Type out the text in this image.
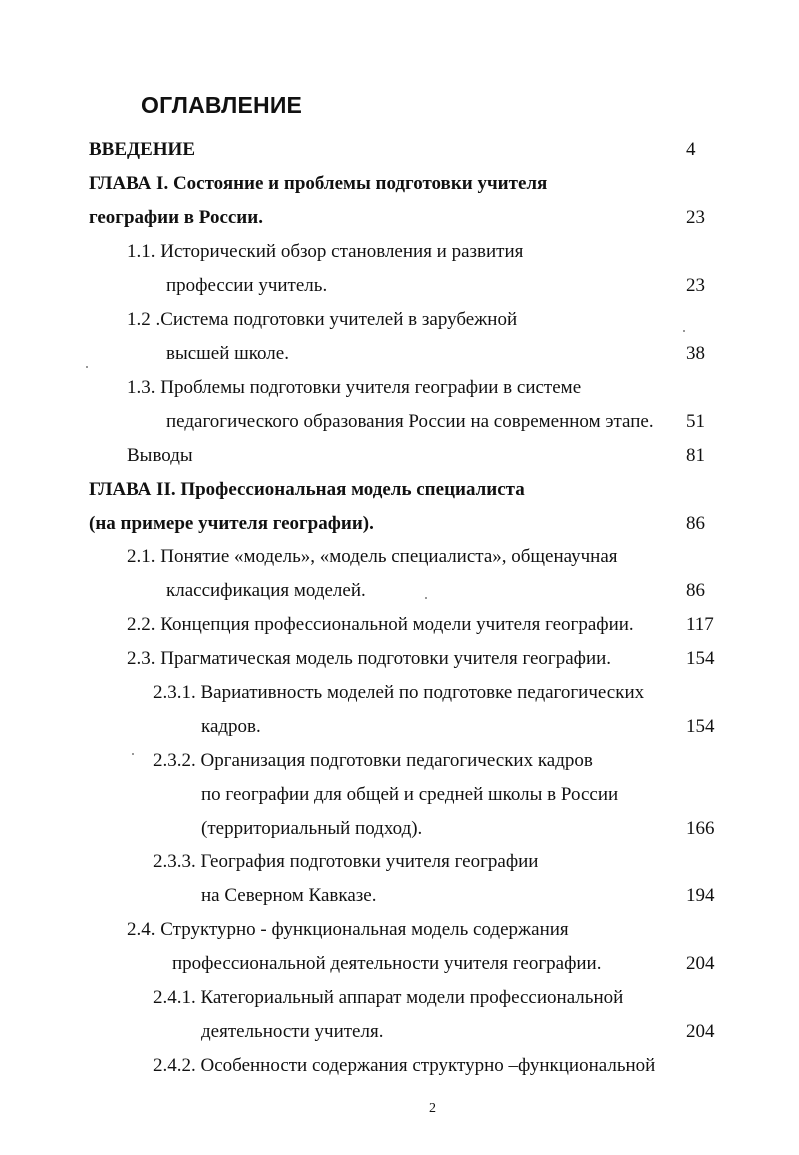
ОГЛАВЛЕНИЕ
ВВЕДЕНИЕ	4
ГЛАВА I. Состояние и проблемы подготовки учителя
географии в России.	23
1.1. Исторический обзор становления и развития
профессии учитель.	23
1.2 .Система подготовки учителей в зарубежной
высшей школе.	38
1.3. Проблемы подготовки учителя географии в системе
педагогического образования России на современном этапе. 51
Выводы	81
ГЛАВА II. Профессиональная модель специалиста
(на примере учителя географии).	86
2.1. Понятие «модель», «модель специалиста», общенаучная
классификация моделей.	86
2.2. Концепция профессиональной модели учителя географии.	117
2.3. Прагматическая модель подготовки учителя географии.	154
2.3.1. Вариативность моделей по подготовке педагогических
кадров.	154
2.3.2. Организация подготовки педагогических кадров
по географии для общей и средней школы в России
(территориальный подход).	166
2.3.3. География подготовки учителя географии
на Северном Кавказе.	194
2.4. Структурно - функциональная модель содержания
профессиональной деятельности учителя географии.	204
2.4.1. Категориальный аппарат модели профессиональной
деятельности учителя.	204
2.4.2. Особенности содержания структурно –функциональной
2
